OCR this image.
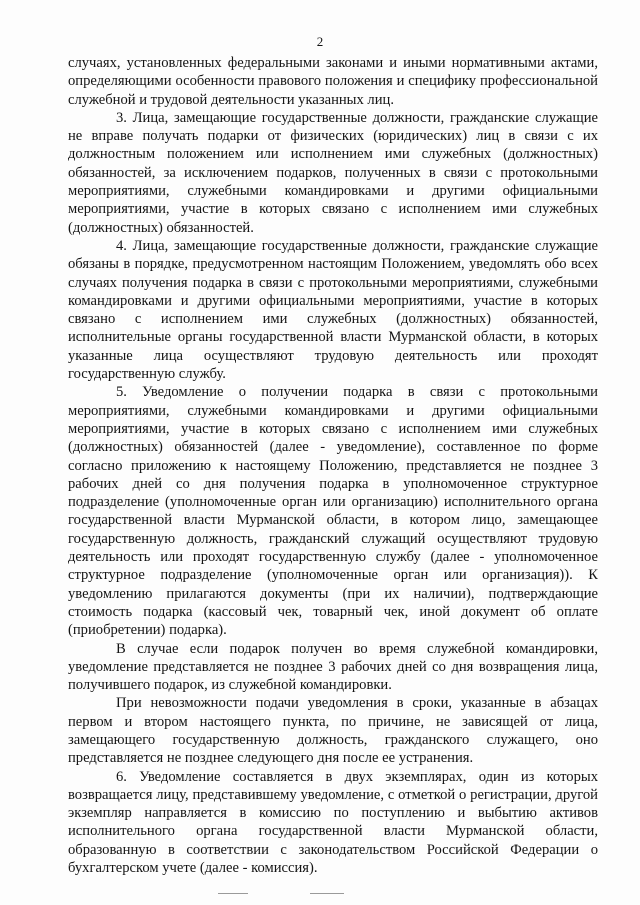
2

случаях, установленных федеральными законами и иными нормативными актами, определяющими особенности правового положения и специфику профессиональной служебной и трудовой деятельности указанных лиц.

3. Лица, замещающие государственные должности, гражданские служащие не вправе получать подарки от физических (юридических) лиц в связи с их должностным положением или исполнением ими служебных (должностных) обязанностей, за исключением подарков, полученных в связи с протокольными мероприятиями, служебными командировками и другими официальными мероприятиями, участие в которых связано с исполнением ими служебных (должностных) обязанностей.

4. Лица, замещающие государственные должности, гражданские служащие обязаны в порядке, предусмотренном настоящим Положением, уведомлять обо всех случаях получения подарка в связи с протокольными мероприятиями, служебными командировками и другими официальными мероприятиями, участие в которых связано с исполнением ими служебных (должностных) обязанностей, исполнительные органы государственной власти Мурманской области, в которых указанные лица осуществляют трудовую деятельность или проходят государственную службу.

5. Уведомление о получении подарка в связи с протокольными мероприятиями, служебными командировками и другими официальными мероприятиями, участие в которых связано с исполнением ими служебных (должностных) обязанностей (далее - уведомление), составленное по форме согласно приложению к настоящему Положению, представляется не позднее 3 рабочих дней со дня получения подарка в уполномоченное структурное подразделение (уполномоченные орган или организацию) исполнительного органа государственной власти Мурманской области, в котором лицо, замещающее государственную должность, гражданский служащий осуществляют трудовую деятельность или проходят государственную службу (далее - уполномоченное структурное подразделение (уполномоченные орган или организация)). К уведомлению прилагаются документы (при их наличии), подтверждающие стоимость подарка (кассовый чек, товарный чек, иной документ об оплате (приобретении) подарка).

В случае если подарок получен во время служебной командировки, уведомление представляется не позднее 3 рабочих дней со дня возвращения лица, получившего подарок, из служебной командировки.

При невозможности подачи уведомления в сроки, указанные в абзацах первом и втором настоящего пункта, по причине, не зависящей от лица, замещающего государственную должность, гражданского служащего, оно представляется не позднее следующего дня после ее устранения.

6. Уведомление составляется в двух экземплярах, один из которых возвращается лицу, представившему уведомление, с отметкой о регистрации, другой экземпляр направляется в комиссию по поступлению и выбытию активов исполнительного органа государственной власти Мурманской области, образованную в соответствии с законодательством Российской Федерации о бухгалтерском учете (далее - комиссия).
